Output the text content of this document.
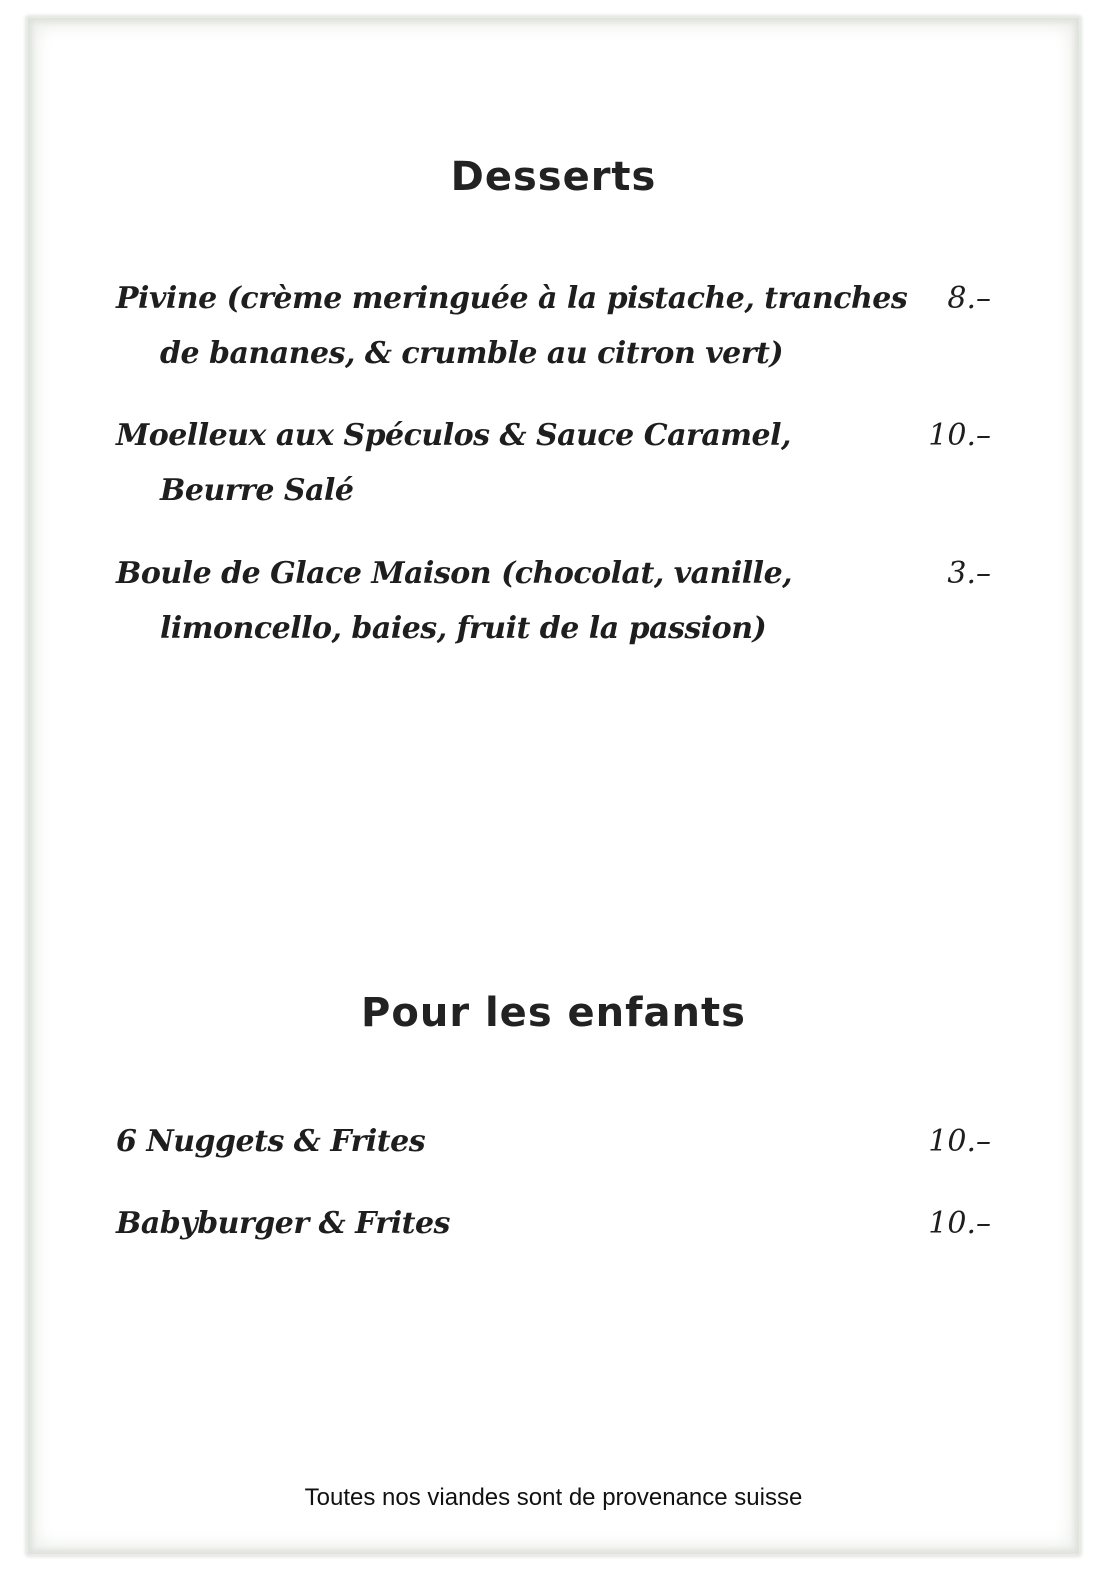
Desserts
Pivine (crème meringuée à la pistache, tranches
de bananes, & crumble au citron vert)
8.–
Moelleux aux Spéculos & Sauce Caramel,
Beurre Salé
10.–
Boule de Glace Maison (chocolat, vanille,
limoncello, baies, fruit de la passion)
3.–
Pour les enfants
6 Nuggets & Frites	10.–
Babyburger & Frites	10.–
Toutes nos viandes sont de provenance suisse
